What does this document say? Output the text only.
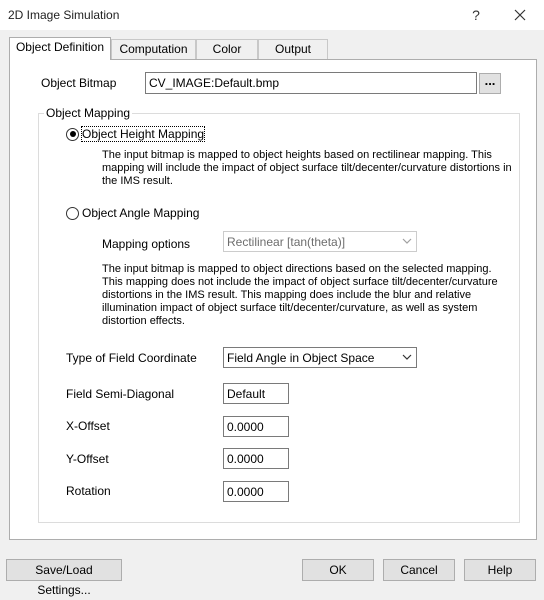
2D Image Simulation	?
Object Definition	Computation	Color	Output
Object Bitmap	CV_IMAGE:Default.bmp	...
Object Mapping
Object Height Mapping
The input bitmap is mapped to object heights based on rectilinear mapping. This mapping will include the impact of object surface tilt/decenter/curvature distortions in the IMS result.
Object Angle Mapping
Mapping options	Rectilinear [tan(theta)]
The input bitmap is mapped to object directions based on the selected mapping. This mapping does not include the impact of object surface tilt/decenter/curvature distortions in the IMS result. This mapping does include the blur and relative illumination impact of object surface tilt/decenter/curvature, as well as system distortion effects.
Type of Field Coordinate	Field Angle in Object Space
Field Semi-Diagonal	Default
X-Offset	0.0000
Y-Offset	0.0000
Rotation	0.0000
Save/Load Settings...
OK	Cancel	Help
